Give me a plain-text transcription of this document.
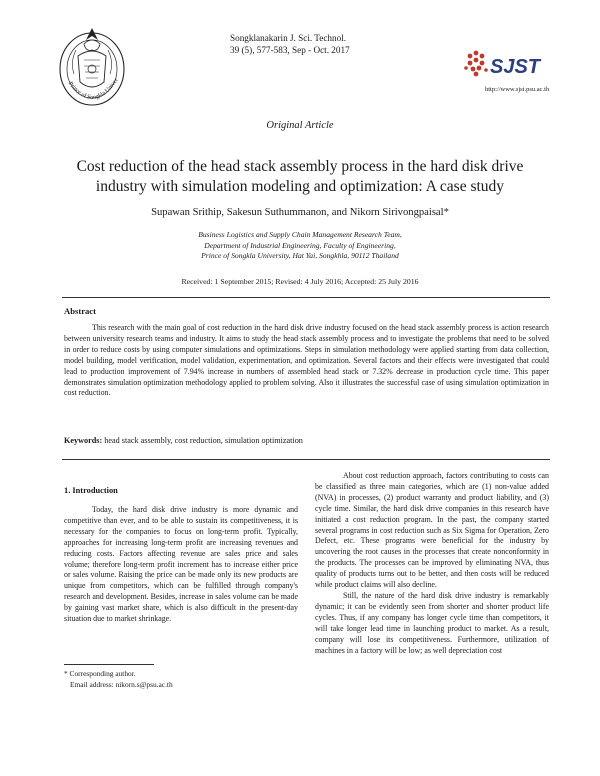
Prince of Songkla Univer
Songklanakarin J. Sci. Technol.
39 (5), 577-583, Sep - Oct. 2017
SJST
http://www.sjst.psu.ac.th
Original Article
Cost reduction of the head stack assembly process in the hard disk drive industry with simulation modeling and optimization: A case study
Supawan Srithip, Sakesun Suthummanon, and Nikorn Sirivongpaisal*
Business Logistics and Supply Chain Management Research Team,
Department of Industrial Engineering, Faculty of Engineering,
Prince of Songkla University, Hat Yai, Songkhla, 90112 Thailand
Received: 1 September 2015; Revised: 4 July 2016; Accepted: 25 July 2016
Abstract
This research with the main goal of cost reduction in the hard disk drive industry focused on the head stack assembly process is action research between university research teams and industry. It aims to study the head stack assembly process and to investigate the problems that need to be solved in order to reduce costs by using computer simulations and optimizations. Steps in simulation methodology were applied starting from data collection, model building, model verification, model validation, experimentation, and optimization. Several factors and their effects were investigated that could lead to production improvement of 7.94% increase in numbers of assembled head stack or 7.32% decrease in production cycle time. This paper demonstrates simulation optimization methodology applied to problem solving. Also it illustrates the successful case of using simulation optimization in cost reduction.
Keywords: head stack assembly, cost reduction, simulation optimization
1. Introduction

Today, the hard disk drive industry is more dynamic and competitive than ever, and to be able to sustain its competitiveness, it is necessary for the companies to focus on long-term profit. Typically, approaches for increasing long-term profit are increasing revenues and reducing costs. Factors affecting revenue are sales price and sales volume; therefore long-term profit increment has to increase either price or sales volume. Raising the price can be made only its new products are unique from competitors, which can be fulfilled through company's research and development. Besides, increase in sales volume can be made by gaining vast market share, which is also difficult in the present-day situation due to market shrinkage.

About cost reduction approach, factors contributing to costs can be classified as three main categories, which are (1) non-value added (NVA) in processes, (2) product warranty and product liability, and (3) cycle time. Similar, the hard disk drive companies in this research have initiated a cost reduction program. In the past, the company started several programs in cost reduction such as Six Sigma for Operation, Zero Defect, etc. These programs were beneficial for the industry by uncovering the root causes in the processes that create nonconformity in the products. The processes can be improved by eliminating NVA, thus quality of products turns out to be better, and then costs will be reduced while product claims will also decline.

Still, the nature of the hard disk drive industry is remarkably dynamic; it can be evidently seen from shorter and shorter product life cycles. Thus, if any company has longer cycle time than competitors, it will take longer lead time in launching product to market. As a result, company will lose its competitiveness. Furthermore, utilization of machines in a factory will be low; as well depreciation cost

* Corresponding author.
Email address: nikorn.s@psu.ac.th
